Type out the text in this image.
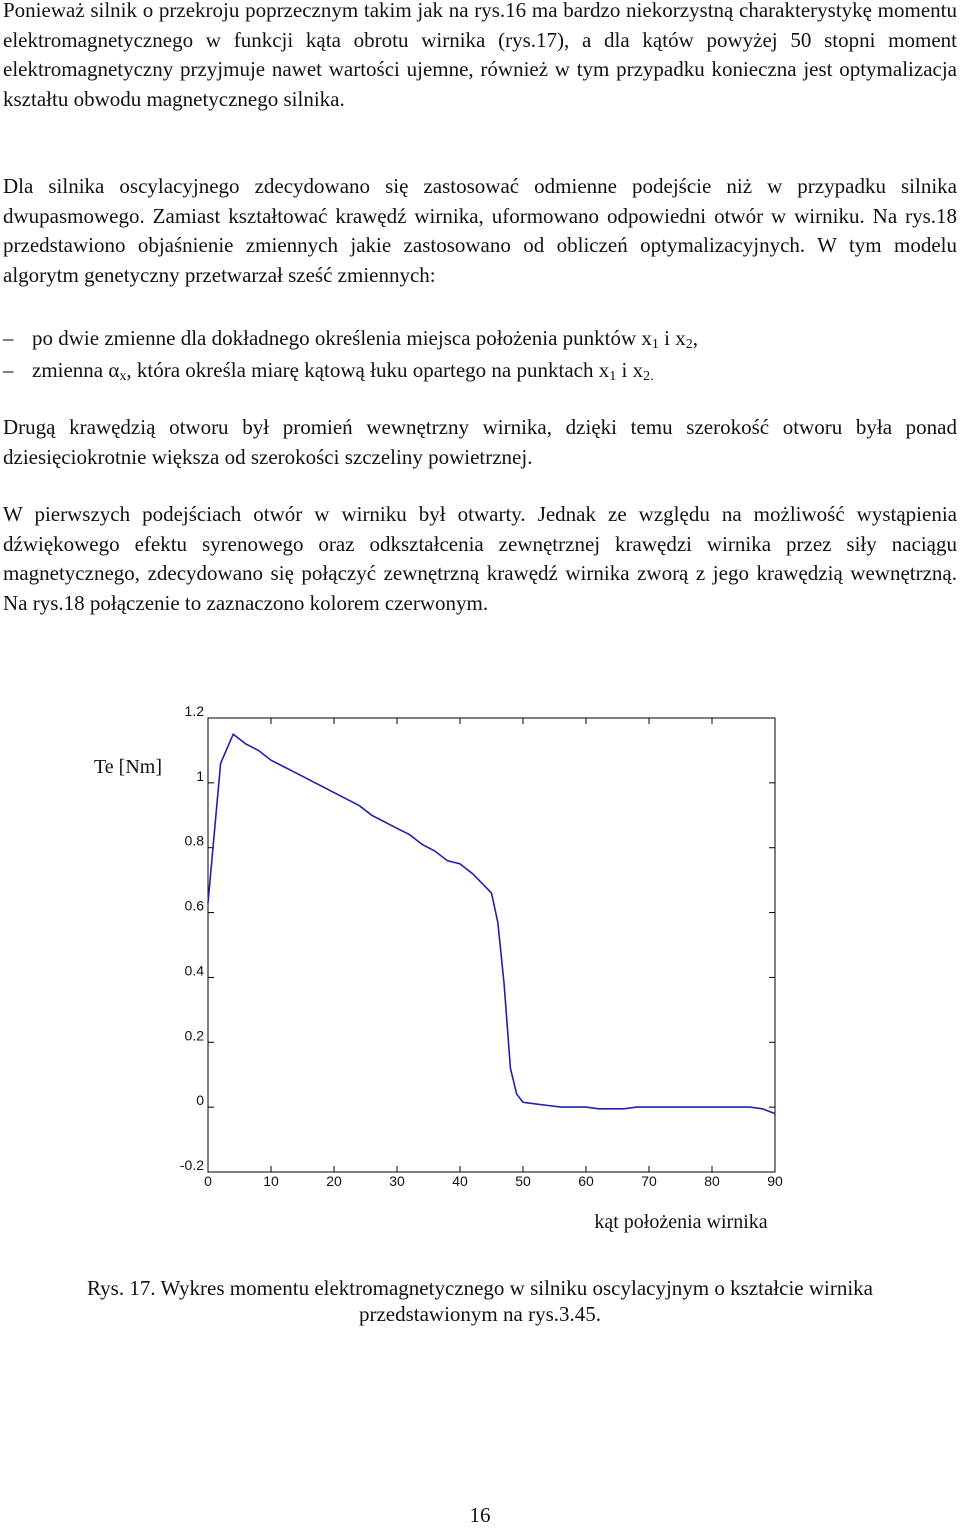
Ponieważ silnik o przekroju poprzecznym takim jak na rys.16 ma bardzo niekorzystną charakterystykę momentu elektromagnetycznego w funkcji kąta obrotu wirnika (rys.17), a dla kątów powyżej 50 stopni moment elektromagnetyczny przyjmuje nawet wartości ujemne, również w tym przypadku konieczna jest optymalizacja kształtu obwodu magnetycznego silnika.

Dla silnika oscylacyjnego zdecydowano się zastosować odmienne podejście niż w przypadku silnika dwupasmowego. Zamiast kształtować krawędź wirnika, uformowano odpowiedni otwór w wirniku. Na rys.18 przedstawiono objaśnienie zmiennych jakie zastosowano od obliczeń optymalizacyjnych. W tym modelu algorytm genetyczny przetwarzał sześć zmiennych:

– po dwie zmienne dla dokładnego określenia miejsca położenia punktów $x_1$ i $x_2$,
– zmienna $\alpha_x$, która określa miarę kątową łuku opartego na punktach $x_1$ i $x_{2.}$

Drugą krawędzią otworu był promień wewnętrzny wirnika, dzięki temu szerokość otworu była ponad dziesięciokrotnie większa od szerokości szczeliny powietrznej.

W pierwszych podejściach otwór w wirniku był otwarty. Jednak ze względu na możliwość wystąpienia dźwiękowego efektu syrenowego oraz odkształcenia zewnętrznej krawędzi wirnika przez siły naciągu magnetycznego, zdecydowano się połączyć zewnętrzną krawędź wirnika zworą z jego krawędzią wewnętrzną. Na rys.18 połączenie to zaznaczono kolorem czerwonym.

-0.2
0
0.2
0.4
0.6
0.8
1
1.2
0	10	20	30	40	50	60	70	80	90
Te [Nm]
kąt położenia wirnika
Rys. 17. Wykres momentu elektromagnetycznego w silniku oscylacyjnym o kształcie wirnika
przedstawionym na rys.3.45.
16
